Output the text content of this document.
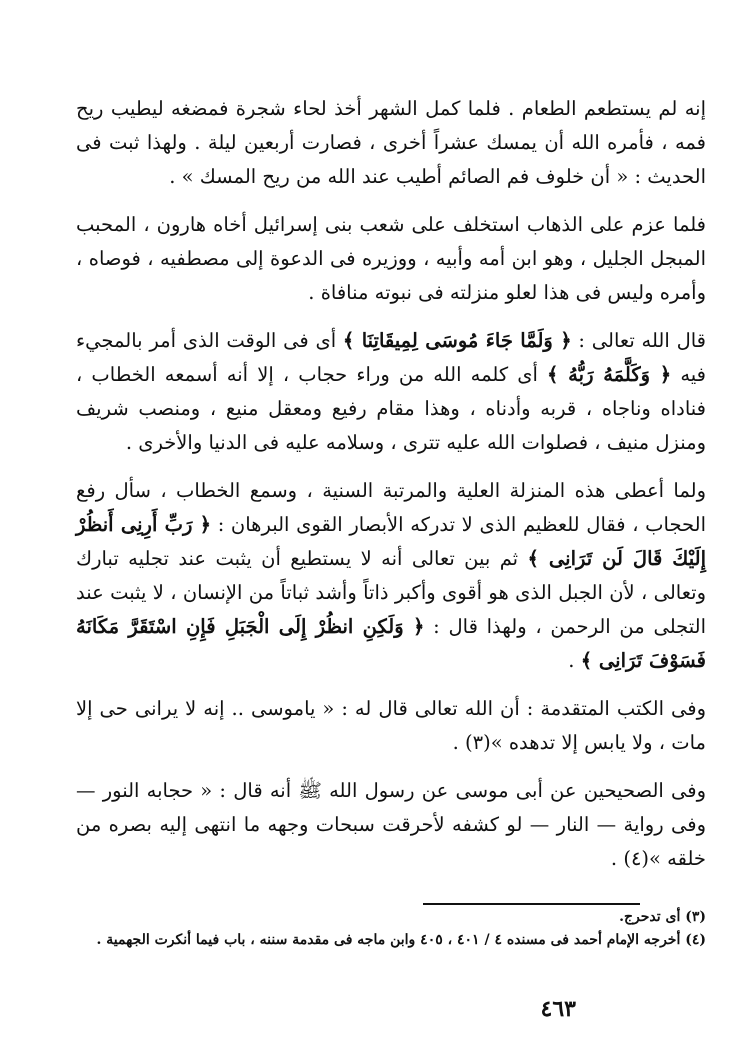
إنه لم يستطعم الطعام . فلما كمل الشهر أخذ لحاء شجرة فمضغه ليطيب ريح فمه ، فأمره الله أن يمسك عشراً أخرى ، فصارت أربعين ليلة . ولهذا ثبت فى الحديث : « أن خلوف فم الصائم أطيب عند الله من ريح المسك » .

فلما عزم على الذهاب استخلف على شعب بنى إسرائيل أخاه هارون ، المحبب المبجل الجليل ، وهو ابن أمه وأبيه ، ووزيره فى الدعوة إلى مصطفيه ، فوصاه ، وأمره وليس فى هذا لعلو منزلته فى نبوته منافاة .

قال الله تعالى : ﴿ وَلَمَّا جَاءَ مُوسَى لِمِيقَاتِنَا ﴾ أى فى الوقت الذى أمر بالمجيء فيه ﴿ وَكَلَّمَهُ رَبُّهُ ﴾ أى كلمه الله من وراء حجاب ، إلا أنه أسمعه الخطاب ، فناداه وناجاه ، قربه وأدناه ، وهذا مقام رفيع ومعقل منيع ، ومنصب شريف ومنزل منيف ، فصلوات الله عليه تترى ، وسلامه عليه فى الدنيا والأخرى .

ولما أعطى هذه المنزلة العلية والمرتبة السنية ، وسمع الخطاب ، سأل رفع الحجاب ، فقال للعظيم الذى لا تدركه الأبصار القوى البرهان : ﴿ رَبِّ أَرِنِى أَنظُرْ إِلَيْكَ قَالَ لَن تَرَانِى ﴾ ثم بين تعالى أنه لا يستطيع أن يثبت عند تجليه تبارك وتعالى ، لأن الجبل الذى هو أقوى وأكبر ذاتاً وأشد ثباتاً من الإنسان ، لا يثبت عند التجلى من الرحمن ، ولهذا قال : ﴿ وَلَكِنِ انظُرْ إِلَى الْجَبَلِ فَإِنِ اسْتَقَرَّ مَكَانَهُ فَسَوْفَ تَرَانِى ﴾ .

وفى الكتب المتقدمة : أن الله تعالى قال له : « ياموسى .. إنه لا يرانى حى إلا مات ، ولا يابس إلا تدهده »(٣) .

وفى الصحيحين عن أبى موسى عن رسول الله ﷺ أنه قال : « حجابه النور — وفى رواية — النار — لو كشفه لأحرقت سبحات وجهه ما انتهى إليه بصره من خلقه »(٤) .

(٣) أى تدحرج.

(٤) أخرجه الإمام أحمد فى مسنده ٤ / ٤٠١ ، ٤٠٥ وابن ماجه فى مقدمة سننه ، باب فيما أنكرت الجهمية .

٤٦٣
